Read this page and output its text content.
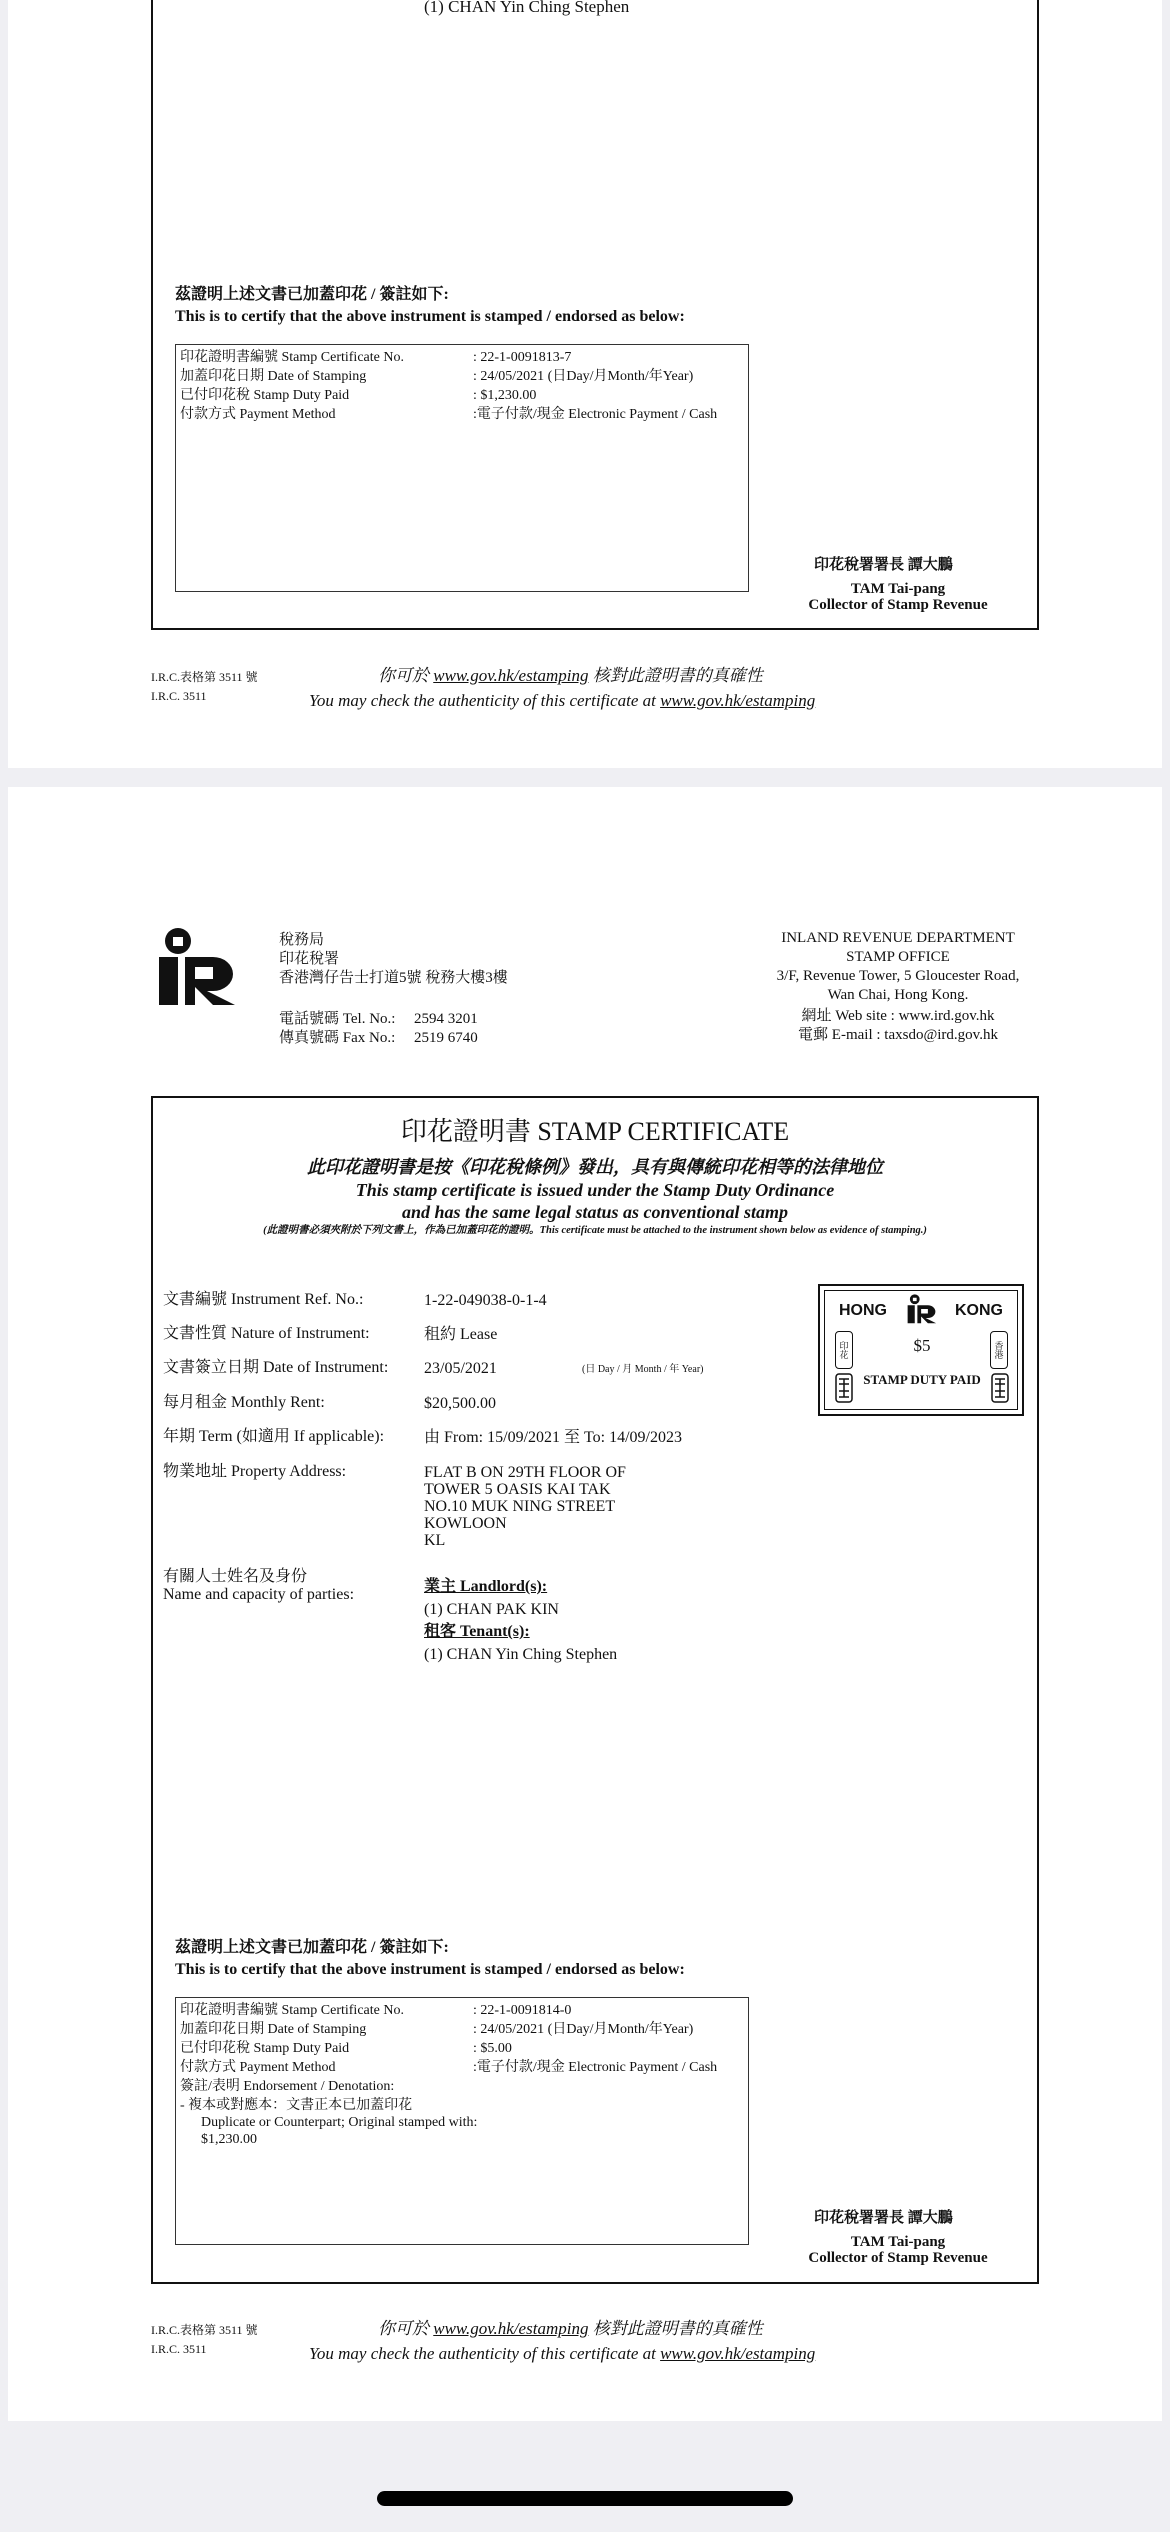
(1) CHAN Yin Ching Stephen
茲證明上述文書已加蓋印花 / 簽註如下:
This is to certify that the above instrument is stamped / endorsed as below:
印花證明書編號 Stamp Certificate No.	: 22-1-0091813-7
加蓋印花日期 Date of Stamping	: 24/05/2021 (日Day/月Month/年Year)
已付印花稅 Stamp Duty Paid	: $1,230.00
付款方式 Payment Method	:電子付款/現金 Electronic Payment / Cash
印花稅署署長 譚大鵬
TAM Tai-pang
Collector of Stamp Revenue
I.R.C.表格第 3511 號
I.R.C. 3511
你可於 www.gov.hk/estamping 核對此證明書的真確性
You may check the authenticity of this certificate at www.gov.hk/estamping
稅務局
印花稅署
香港灣仔告士打道5號 稅務大樓3樓
電話號碼 Tel. No.: 2594 3201
傳真號碼 Fax No.: 2519 6740
INLAND REVENUE DEPARTMENT
STAMP OFFICE
3/F, Revenue Tower, 5 Gloucester Road,
Wan Chai, Hong Kong.
網址 Web site : www.ird.gov.hk
電郵 E-mail : taxsdo@ird.gov.hk
印花證明書 STAMP CERTIFICATE
此印花證明書是按《印花稅條例》發出，具有與傳統印花相等的法律地位
This stamp certificate is issued under the Stamp Duty Ordinance
and has the same legal status as conventional stamp
(此證明書必須夾附於下列文書上，作為已加蓋印花的證明。This certificate must be attached to the instrument shown below as evidence of stamping.)
文書編號 Instrument Ref. No.:	1-22-049038-0-1-4
文書性質 Nature of Instrument:	租約 Lease
文書簽立日期 Date of Instrument: 23/05/2021	(日 Day / 月 Month / 年 Year)
每月租金 Monthly Rent:	$20,500.00
年期 Term (如適用 If applicable): 由 From: 15/09/2021 至 To: 14/09/2023
物業地址 Property Address:	FLAT B ON 29TH FLOOR OF
TOWER 5 OASIS KAI TAK
NO.10 MUK NING STREET
KOWLOON
KL
有關人士姓名及身份
Name and capacity of parties:	業主 Landlord(s):
(1) CHAN PAK KIN
租客 Tenant(s):
(1) CHAN Yin Ching Stephen
HONG	KONG
印花	$5	香港
STAMP DUTY PAID
茲證明上述文書已加蓋印花 / 簽註如下:
This is to certify that the above instrument is stamped / endorsed as below:
印花證明書編號 Stamp Certificate No.	: 22-1-0091814-0
加蓋印花日期 Date of Stamping	: 24/05/2021 (日Day/月Month/年Year)
已付印花稅 Stamp Duty Paid	: $5.00
付款方式 Payment Method	:電子付款/現金 Electronic Payment / Cash
簽註/表明 Endorsement / Denotation:
- 複本或對應本：文書正本已加蓋印花
Duplicate or Counterpart; Original stamped with:
$1,230.00
印花稅署署長 譚大鵬
TAM Tai-pang
Collector of Stamp Revenue
I.R.C.表格第 3511 號
I.R.C. 3511
你可於 www.gov.hk/estamping 核對此證明書的真確性
You may check the authenticity of this certificate at www.gov.hk/estamping
